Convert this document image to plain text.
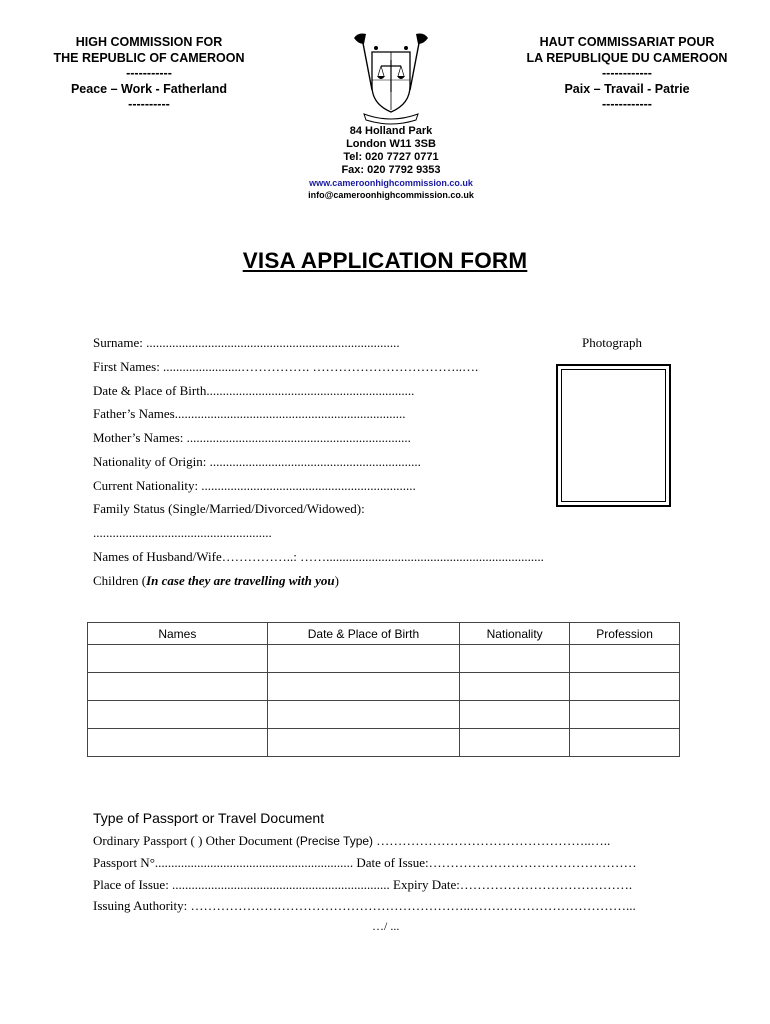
HIGH COMMISSION FOR
THE REPUBLIC OF CAMEROON
-----------
Peace – Work - Fatherland
----------
HAUT COMMISSARIAT POUR
LA REPUBLIQUE DU CAMEROON
------------
Paix – Travail - Patrie
------------
84 Holland Park
London W11 3SB
Tel: 020 7727 0771
Fax: 020 7792 9353
www.cameroonhighcommission.co.uk
info@cameroonhighcommission.co.uk
VISA APPLICATION FORM
Surname: ..............................................................................
First Names: ........................……………. ……………………………..….
Date & Place of Birth................................................................
Father’s Names.......................................................................
Mother’s Names: .....................................................................
Nationality of Origin: .................................................................
Current Nationality: ..................................................................
Family Status (Single/Married/Divorced/Widowed):
.......................................................
Names of Husband/Wife……………..: ……...................................................................
Children (In case they are travelling with you)
Photograph
Names	Date & Place of Birth	Nationality	Profession

Type of Passport or Travel Document
Ordinary Passport ( ) Other Document (Precise Type) …………………………………………..…..
Passport N°............................................................. Date of Issue:…………………………………………
Place of Issue: ................................................................... Expiry Date:………………………………….
Issuing Authority: ………………………………………………………..………………………………...
…/ ...
